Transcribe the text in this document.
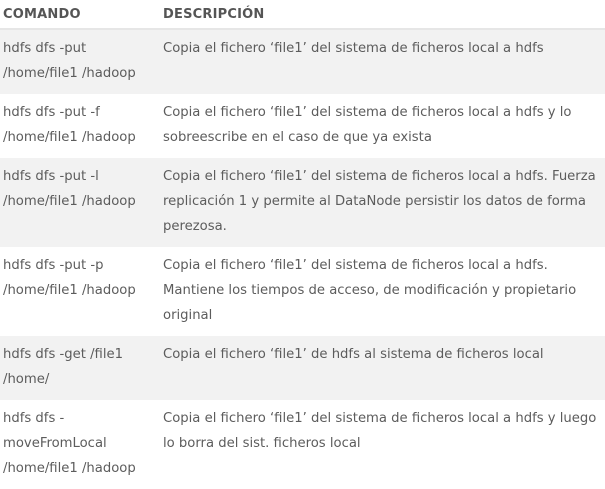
COMANDO	DESCRIPCIÓN
hdfs dfs -put /home/file1 /hadoop	Copia el fichero ‘file1’ del sistema de ficheros local a hdfs
hdfs dfs -put -f /home/file1 /hadoop	Copia el fichero ‘file1’ del sistema de ficheros local a hdfs y lo sobreescribe en el caso de que ya exista
hdfs dfs -put -l /home/file1 /hadoop	Copia el fichero ‘file1’ del sistema de ficheros local a hdfs. Fuerza replicación 1 y permite al DataNode persistir los datos de forma perezosa.
hdfs dfs -put -p /home/file1 /hadoop	Copia el fichero ‘file1’ del sistema de ficheros local a hdfs. Mantiene los tiempos de acceso, de modificación y propietario original
hdfs dfs -get /file1 /home/	Copia el fichero ‘file1’ de hdfs al sistema de ficheros local
hdfs dfs - moveFromLocal /home/file1 /hadoop	Copia el fichero ‘file1’ del sistema de ficheros local a hdfs y luego lo borra del sist. ficheros local
